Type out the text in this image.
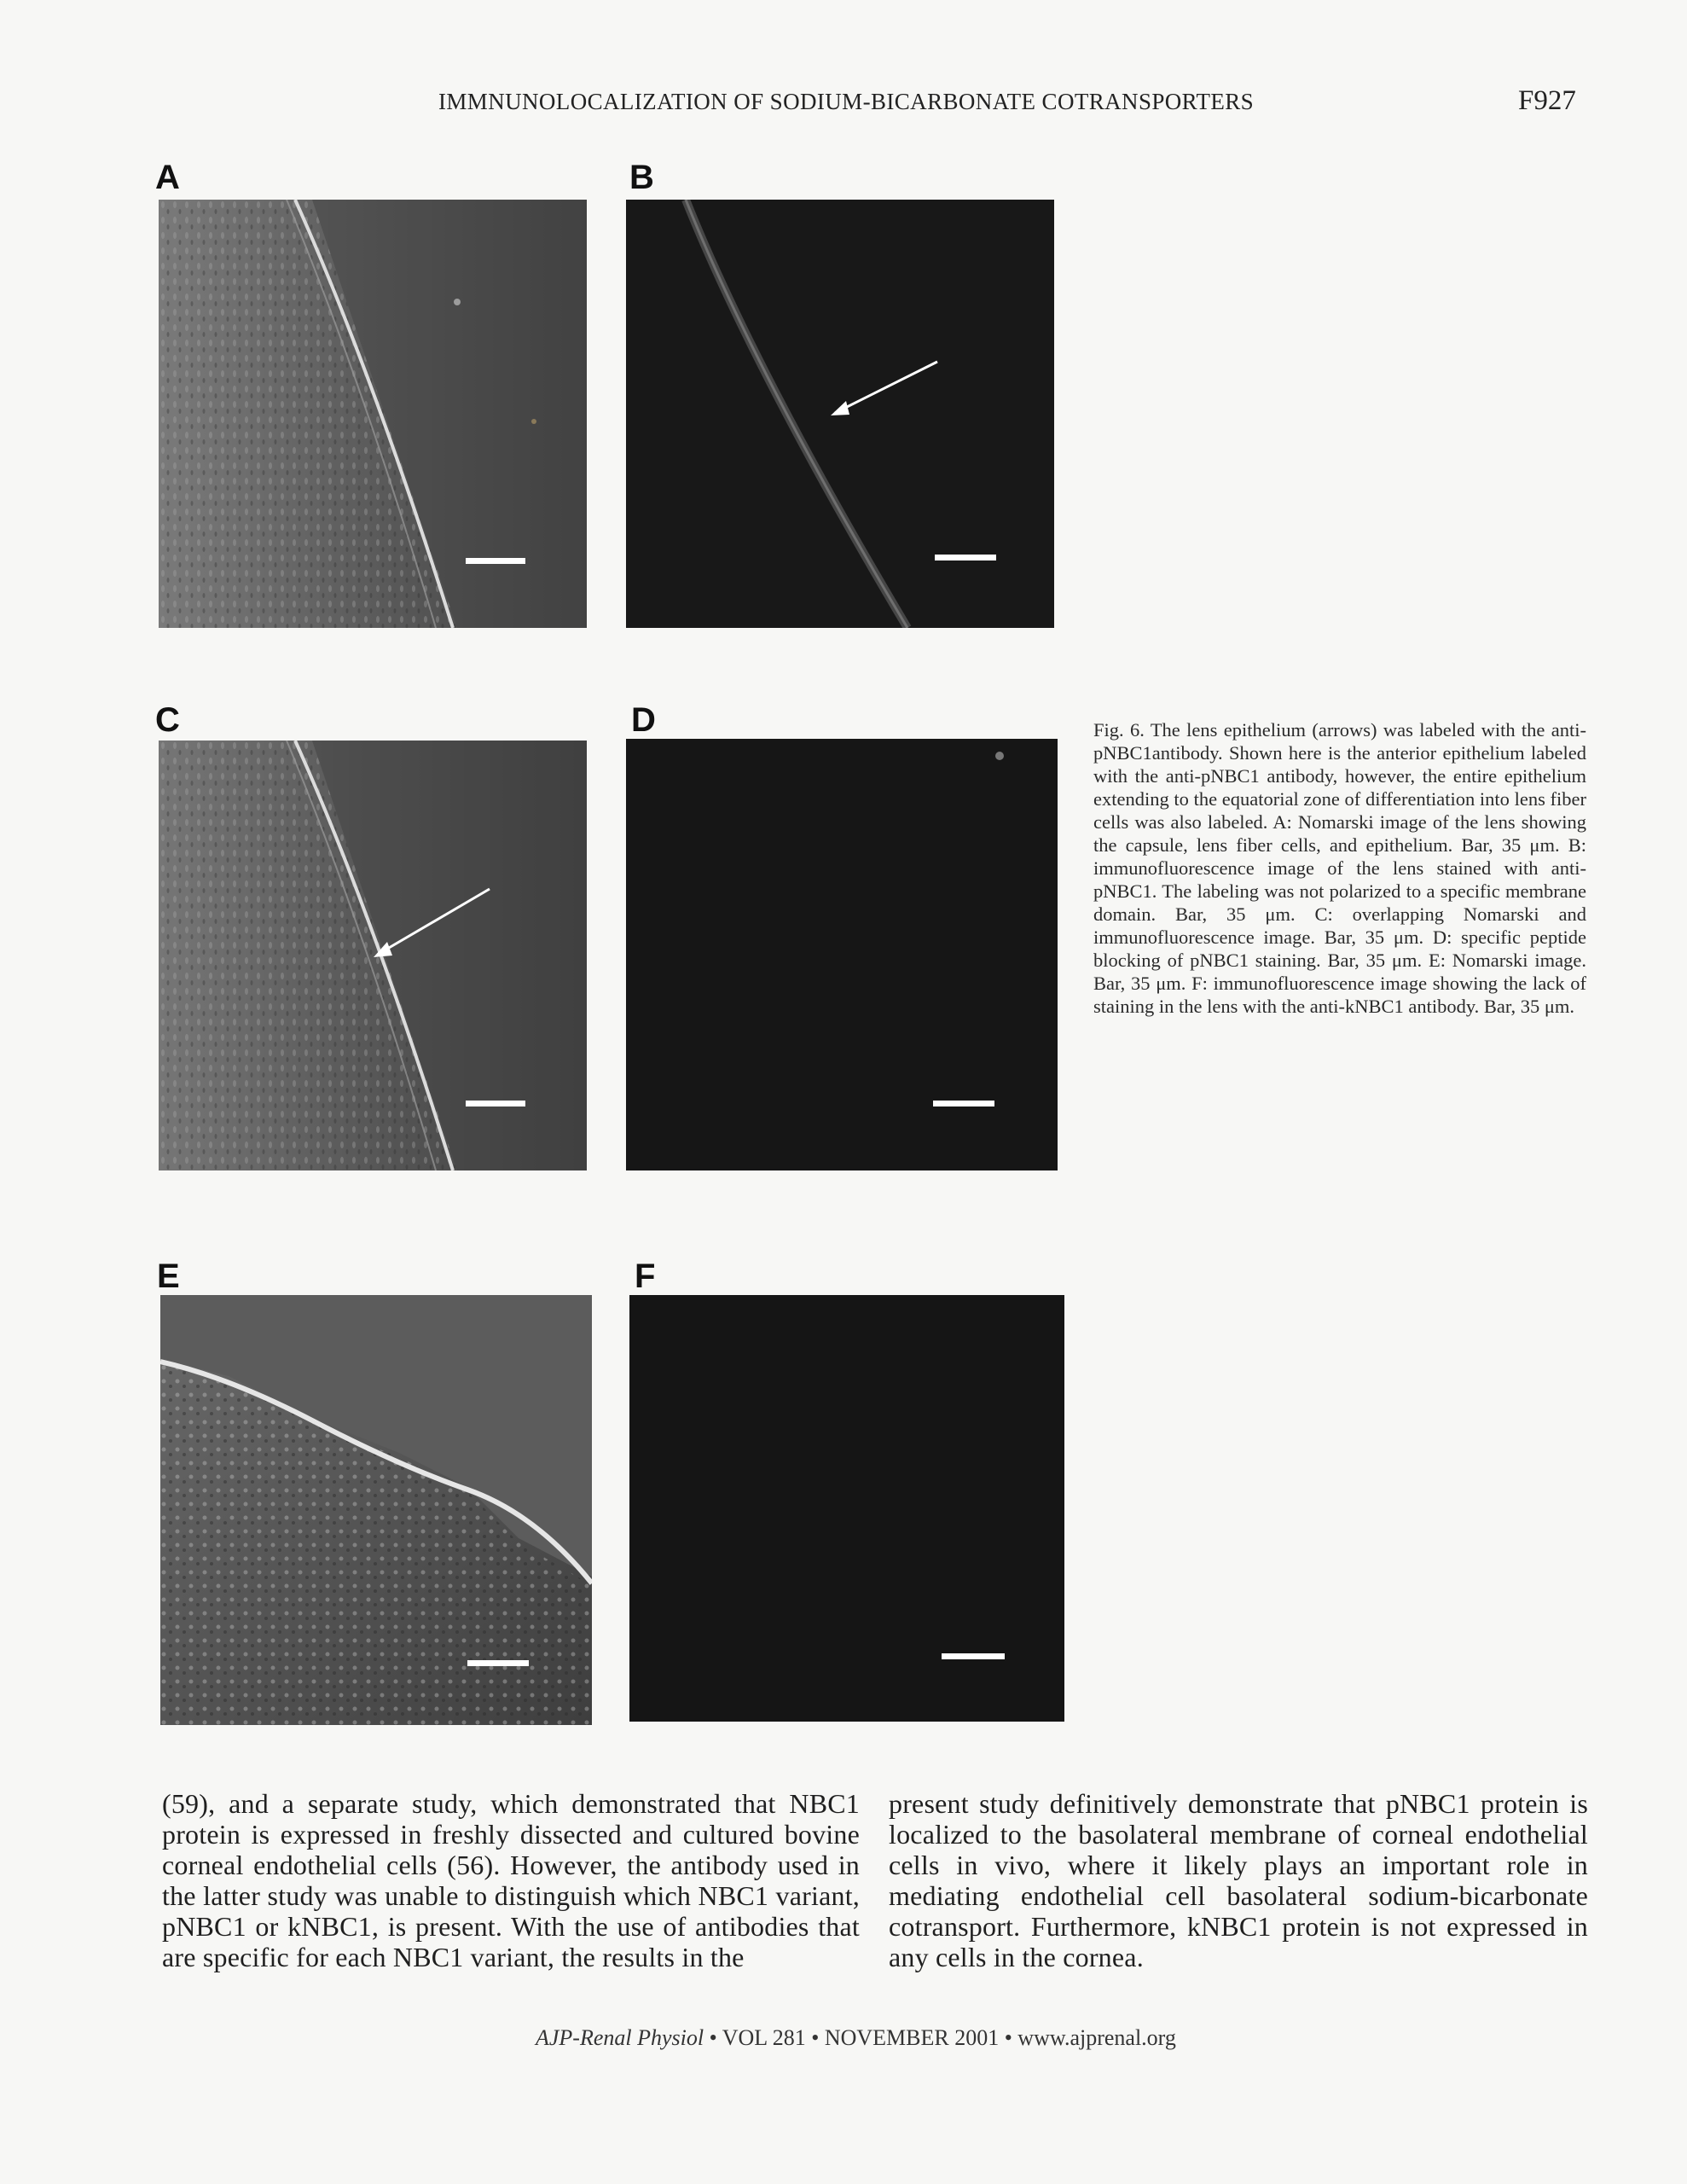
IMMNUNOLOCALIZATION OF SODIUM-BICARBONATE COTRANSPORTERS	F927
A	B
C	D
E	F

Fig. 6. The lens epithelium (arrows) was labeled with the anti-pNBC1antibody. Shown here is the anterior epithelium labeled with the anti-pNBC1 antibody, however, the entire epithelium extending to the equatorial zone of differentiation into lens fiber cells was also labeled. A: Nomarski image of the lens showing the capsule, lens fiber cells, and epithelium. Bar, 35 μm. B: immunofluorescence image of the lens stained with anti-pNBC1. The labeling was not polarized to a specific membrane domain. Bar, 35 μm. C: overlapping Nomarski and immunofluorescence image. Bar, 35 μm. D: specific peptide blocking of pNBC1 staining. Bar, 35 μm. E: Nomarski image. Bar, 35 μm. F: immunofluorescence image showing the lack of staining in the lens with the anti-kNBC1 antibody. Bar, 35 μm.

(59), and a separate study, which demonstrated that NBC1 protein is expressed in freshly dissected and cultured bovine corneal endothelial cells (56). However, the antibody used in the latter study was unable to distinguish which NBC1 variant, pNBC1 or kNBC1, is present. With the use of antibodies that are specific for each NBC1 variant, the results in the

present study definitively demonstrate that pNBC1 protein is localized to the basolateral membrane of corneal endothelial cells in vivo, where it likely plays an important role in mediating endothelial cell basolateral sodium-bicarbonate cotransport. Furthermore, kNBC1 protein is not expressed in any cells in the cornea.

AJP-Renal Physiol • VOL 281 • NOVEMBER 2001 • www.ajprenal.org
